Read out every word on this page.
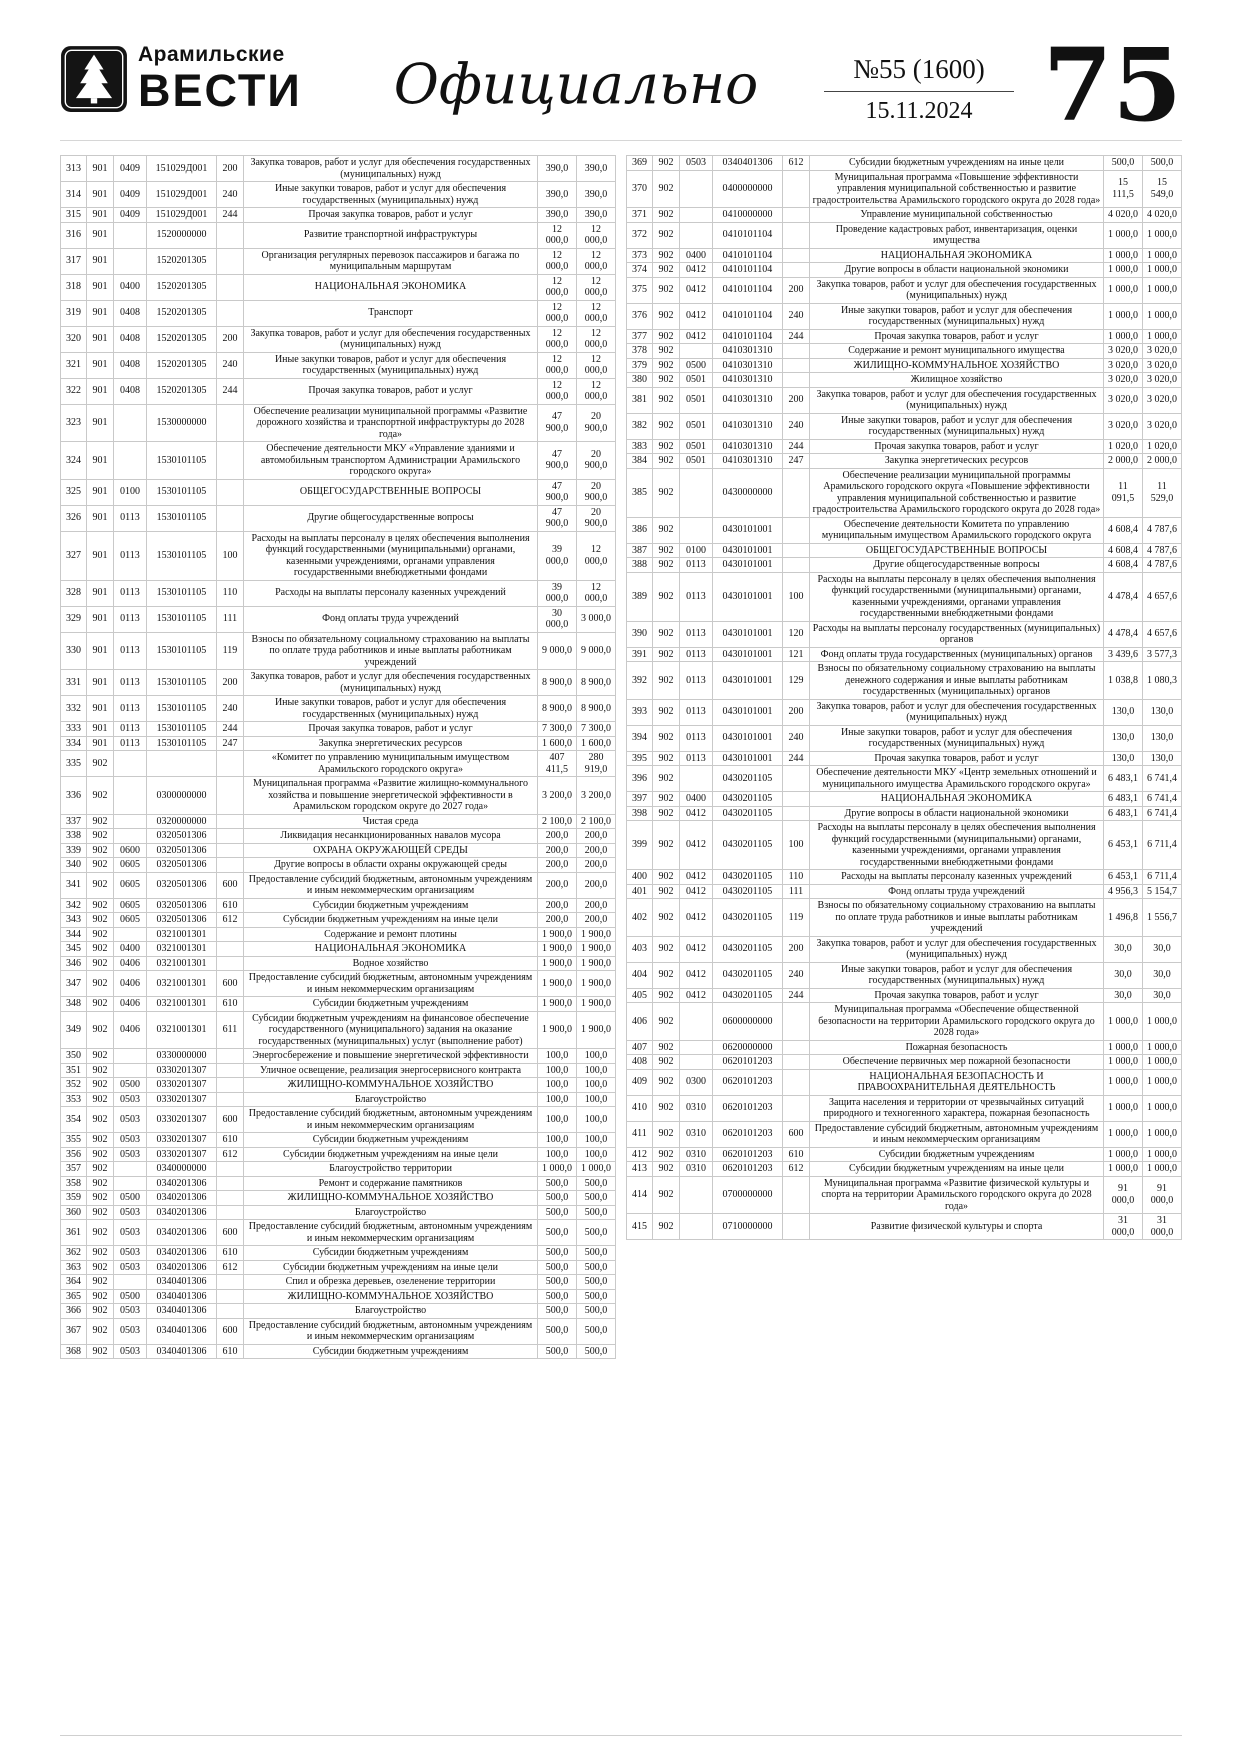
Арамильские
ВЕСТИ	Официально	№55 (1600)
15.11.2024 75
313	901	0409	151029Д001	200	Закупка товаров, работ и услуг для обеспечения государственных (муниципальных) нужд	390,0	390,0
314	901	0409	151029Д001	240	Иные закупки товаров, работ и услуг для обеспечения государственных (муниципальных) нужд	390,0	390,0
315	901	0409	151029Д001	244	Прочая закупка товаров, работ и услуг	390,0	390,0
316	901		1520000000		Развитие транспортной инфраструктуры	12 000,0	12 000,0
317	901		1520201305		Организация регулярных перевозок пассажиров и багажа по муниципальным маршрутам	12 000,0	12 000,0
318	901	0400	1520201305		НАЦИОНАЛЬНАЯ ЭКОНОМИКА	12 000,0	12 000,0
319	901	0408	1520201305		Транспорт	12 000,0	12 000,0
320	901	0408	1520201305	200	Закупка товаров, работ и услуг для обеспечения государственных (муниципальных) нужд	12 000,0	12 000,0
321	901	0408	1520201305	240	Иные закупки товаров, работ и услуг для обеспечения государственных (муниципальных) нужд	12 000,0	12 000,0
322	901	0408	1520201305	244	Прочая закупка товаров, работ и услуг	12 000,0	12 000,0
323	901		1530000000		Обеспечение реализации муниципальной программы «Развитие дорожного хозяйства и транспортной инфраструктуры до 2028 года»	47 900,0	20 900,0
324	901		1530101105		Обеспечение деятельности МКУ «Управление зданиями и автомобильным транспортом Администрации Арамильского городского округа»	47 900,0	20 900,0
325	901	0100	1530101105		ОБЩЕГОСУДАРСТВЕННЫЕ ВОПРОСЫ	47 900,0	20 900,0
326	901	0113	1530101105		Другие общегосударственные вопросы	47 900,0	20 900,0
327	901	0113	1530101105	100	Расходы на выплаты персоналу в целях обеспечения выполнения функций государственными (муниципальными) органами, казенными учреждениями, органами управления государственными внебюджетными фондами	39 000,0	12 000,0
328	901	0113	1530101105	110	Расходы на выплаты персоналу казенных учреждений	39 000,0	12 000,0
329	901	0113	1530101105	111	Фонд оплаты труда учреждений	30 000,0	3 000,0
330	901	0113	1530101105	119	Взносы по обязательному социальному страхованию на выплаты по оплате труда работников и иные выплаты работникам учреждений	9 000,0	9 000,0
331	901	0113	1530101105	200	Закупка товаров, работ и услуг для обеспечения государственных (муниципальных) нужд	8 900,0	8 900,0
332	901	0113	1530101105	240	Иные закупки товаров, работ и услуг для обеспечения государственных (муниципальных) нужд	8 900,0	8 900,0
333	901	0113	1530101105	244	Прочая закупка товаров, работ и услуг	7 300,0	7 300,0
334	901	0113	1530101105	247	Закупка энергетических ресурсов	1 600,0	1 600,0
335	902				«Комитет по управлению муниципальным имуществом Арамильского городского округа»	407 411,5	280 919,0
336	902		0300000000		Муниципальная программа «Развитие жилищно-коммунального хозяйства и повышение энергетической эффективности в Арамильском городском округе до 2027 года»	3 200,0	3 200,0
337	902		0320000000		Чистая среда	2 100,0	2 100,0
338	902		0320501306		Ликвидация несанкционированных навалов мусора	200,0	200,0
339	902	0600	0320501306		ОХРАНА ОКРУЖАЮЩЕЙ СРЕДЫ	200,0	200,0
340	902	0605	0320501306		Другие вопросы в области охраны окружающей среды	200,0	200,0
341	902	0605	0320501306	600	Предоставление субсидий бюджетным, автономным учреждениям и иным некоммерческим организациям	200,0	200,0
342	902	0605	0320501306	610	Субсидии бюджетным учреждениям	200,0	200,0
343	902	0605	0320501306	612	Субсидии бюджетным учреждениям на иные цели	200,0	200,0
344	902		0321001301		Содержание и ремонт плотины	1 900,0	1 900,0
345	902	0400	0321001301		НАЦИОНАЛЬНАЯ ЭКОНОМИКА	1 900,0	1 900,0
346	902	0406	0321001301		Водное хозяйство	1 900,0	1 900,0
347	902	0406	0321001301	600	Предоставление субсидий бюджетным, автономным учреждениям и иным некоммерческим организациям	1 900,0	1 900,0
348	902	0406	0321001301	610	Субсидии бюджетным учреждениям	1 900,0	1 900,0
349	902	0406	0321001301	611	Субсидии бюджетным учреждениям на финансовое обеспечение государственного (муниципального) задания на оказание государственных (муниципальных) услуг (выполнение работ)	1 900,0	1 900,0
350	902		0330000000		Энергосбережение и повышение энергетической эффективности	100,0	100,0
351	902		0330201307		Уличное освещение, реализация энергосервисного контракта	100,0	100,0
352	902	0500	0330201307		ЖИЛИЩНО-КОММУНАЛЬНОЕ ХОЗЯЙСТВО	100,0	100,0
353	902	0503	0330201307		Благоустройство	100,0	100,0
354	902	0503	0330201307	600	Предоставление субсидий бюджетным, автономным учреждениям и иным некоммерческим организациям	100,0	100,0
355	902	0503	0330201307	610	Субсидии бюджетным учреждениям	100,0	100,0
356	902	0503	0330201307	612	Субсидии бюджетным учреждениям на иные цели	100,0	100,0
357	902		0340000000		Благоустройство территории	1 000,0	1 000,0
358	902		0340201306		Ремонт и содержание памятников	500,0	500,0
359	902	0500	0340201306		ЖИЛИЩНО-КОММУНАЛЬНОЕ ХОЗЯЙСТВО	500,0	500,0
360	902	0503	0340201306		Благоустройство	500,0	500,0
361	902	0503	0340201306	600	Предоставление субсидий бюджетным, автономным учреждениям и иным некоммерческим организациям	500,0	500,0
362	902	0503	0340201306	610	Субсидии бюджетным учреждениям	500,0	500,0
363	902	0503	0340201306	612	Субсидии бюджетным учреждениям на иные цели	500,0	500,0
364	902		0340401306		Спил и обрезка деревьев, озеленение территории	500,0	500,0
365	902	0500	0340401306		ЖИЛИЩНО-КОММУНАЛЬНОЕ ХОЗЯЙСТВО	500,0	500,0
366	902	0503	0340401306		Благоустройство	500,0	500,0
367	902	0503	0340401306	600	Предоставление субсидий бюджетным, автономным учреждениям и иным некоммерческим организациям	500,0	500,0
368	902	0503	0340401306	610	Субсидии бюджетным учреждениям	500,0	500,0
369	902	0503	0340401306	612	Субсидии бюджетным учреждениям на иные цели	500,0	500,0
370	902		0400000000		Муниципальная программа «Повышение эффективности управления муниципальной собственностью и развитие градостроительства Арамильского городского округа до 2028 года»	15 111,5	15 549,0
371	902		0410000000		Управление муниципальной собственностью	4 020,0	4 020,0
372	902		0410101104		Проведение кадастровых работ, инвентаризация, оценки имущества	1 000,0	1 000,0
373	902	0400	0410101104		НАЦИОНАЛЬНАЯ ЭКОНОМИКА	1 000,0	1 000,0
374	902	0412	0410101104		Другие вопросы в области национальной экономики	1 000,0	1 000,0
375	902	0412	0410101104	200	Закупка товаров, работ и услуг для обеспечения государственных (муниципальных) нужд	1 000,0	1 000,0
376	902	0412	0410101104	240	Иные закупки товаров, работ и услуг для обеспечения государственных (муниципальных) нужд	1 000,0	1 000,0
377	902	0412	0410101104	244	Прочая закупка товаров, работ и услуг	1 000,0	1 000,0
378	902		0410301310		Содержание и ремонт муниципального имущества	3 020,0	3 020,0
379	902	0500	0410301310		ЖИЛИЩНО-КОММУНАЛЬНОЕ ХОЗЯЙСТВО	3 020,0	3 020,0
380	902	0501	0410301310		Жилищное хозяйство	3 020,0	3 020,0
381	902	0501	0410301310	200	Закупка товаров, работ и услуг для обеспечения государственных (муниципальных) нужд	3 020,0	3 020,0
382	902	0501	0410301310	240	Иные закупки товаров, работ и услуг для обеспечения государственных (муниципальных) нужд	3 020,0	3 020,0
383	902	0501	0410301310	244	Прочая закупка товаров, работ и услуг	1 020,0	1 020,0
384	902	0501	0410301310	247	Закупка энергетических ресурсов	2 000,0	2 000,0
385	902		0430000000		Обеспечение реализации муниципальной программы Арамильского городского округа «Повышение эффективности управления муниципальной собственностью и развитие градостроительства Арамильского городского округа до 2028 года»	11 091,5	11 529,0
386	902		0430101001		Обеспечение деятельности Комитета по управлению муниципальным имуществом Арамильского городского округа	4 608,4	4 787,6
387	902	0100	0430101001		ОБЩЕГОСУДАРСТВЕННЫЕ ВОПРОСЫ	4 608,4	4 787,6
388	902	0113	0430101001		Другие общегосударственные вопросы	4 608,4	4 787,6
389	902	0113	0430101001	100	Расходы на выплаты персоналу в целях обеспечения выполнения функций государственными (муниципальными) органами, казенными учреждениями, органами управления государственными внебюджетными фондами	4 478,4	4 657,6
390	902	0113	0430101001	120	Расходы на выплаты персоналу государственных (муниципальных) органов	4 478,4	4 657,6
391	902	0113	0430101001	121	Фонд оплаты труда государственных (муниципальных) органов	3 439,6	3 577,3
392	902	0113	0430101001	129	Взносы по обязательному социальному страхованию на выплаты денежного содержания и иные выплаты работникам государственных (муниципальных) органов	1 038,8	1 080,3
393	902	0113	0430101001	200	Закупка товаров, работ и услуг для обеспечения государственных (муниципальных) нужд	130,0	130,0
394	902	0113	0430101001	240	Иные закупки товаров, работ и услуг для обеспечения государственных (муниципальных) нужд	130,0	130,0
395	902	0113	0430101001	244	Прочая закупка товаров, работ и услуг	130,0	130,0
396	902		0430201105		Обеспечение деятельности МКУ «Центр земельных отношений и муниципального имущества Арамильского городского округа»	6 483,1	6 741,4
397	902	0400	0430201105		НАЦИОНАЛЬНАЯ ЭКОНОМИКА	6 483,1	6 741,4
398	902	0412	0430201105		Другие вопросы в области национальной экономики	6 483,1	6 741,4
399	902	0412	0430201105	100	Расходы на выплаты персоналу в целях обеспечения выполнения функций государственными (муниципальными) органами, казенными учреждениями, органами управления государственными внебюджетными фондами	6 453,1	6 711,4
400	902	0412	0430201105	110	Расходы на выплаты персоналу казенных учреждений	6 453,1	6 711,4
401	902	0412	0430201105	111	Фонд оплаты труда учреждений	4 956,3	5 154,7
402	902	0412	0430201105	119	Взносы по обязательному социальному страхованию на выплаты по оплате труда работников и иные выплаты работникам учреждений	1 496,8	1 556,7
403	902	0412	0430201105	200	Закупка товаров, работ и услуг для обеспечения государственных (муниципальных) нужд	30,0	30,0
404	902	0412	0430201105	240	Иные закупки товаров, работ и услуг для обеспечения государственных (муниципальных) нужд	30,0	30,0
405	902	0412	0430201105	244	Прочая закупка товаров, работ и услуг	30,0	30,0
406	902		0600000000		Муниципальная программа «Обеспечение общественной безопасности на территории Арамильского городского округа до 2028 года»	1 000,0	1 000,0
407	902		0620000000		Пожарная безопасность	1 000,0	1 000,0
408	902		0620101203		Обеспечение первичных мер пожарной безопасности	1 000,0	1 000,0
409	902	0300	0620101203		НАЦИОНАЛЬНАЯ БЕЗОПАСНОСТЬ И ПРАВООХРАНИТЕЛЬНАЯ ДЕЯТЕЛЬНОСТЬ	1 000,0	1 000,0
410	902	0310	0620101203		Защита населения и территории от чрезвычайных ситуаций природного и техногенного характера, пожарная безопасность	1 000,0	1 000,0
411	902	0310	0620101203	600	Предоставление субсидий бюджетным, автономным учреждениям и иным некоммерческим организациям	1 000,0	1 000,0
412	902	0310	0620101203	610	Субсидии бюджетным учреждениям	1 000,0	1 000,0
413	902	0310	0620101203	612	Субсидии бюджетным учреждениям на иные цели	1 000,0	1 000,0
414	902		0700000000		Муниципальная программа «Развитие физической культуры и спорта на территории Арамильского городского округа до 2028 года»	91 000,0	91 000,0
415	902		0710000000		Развитие физической культуры и спорта	31 000,0	31 000,0
